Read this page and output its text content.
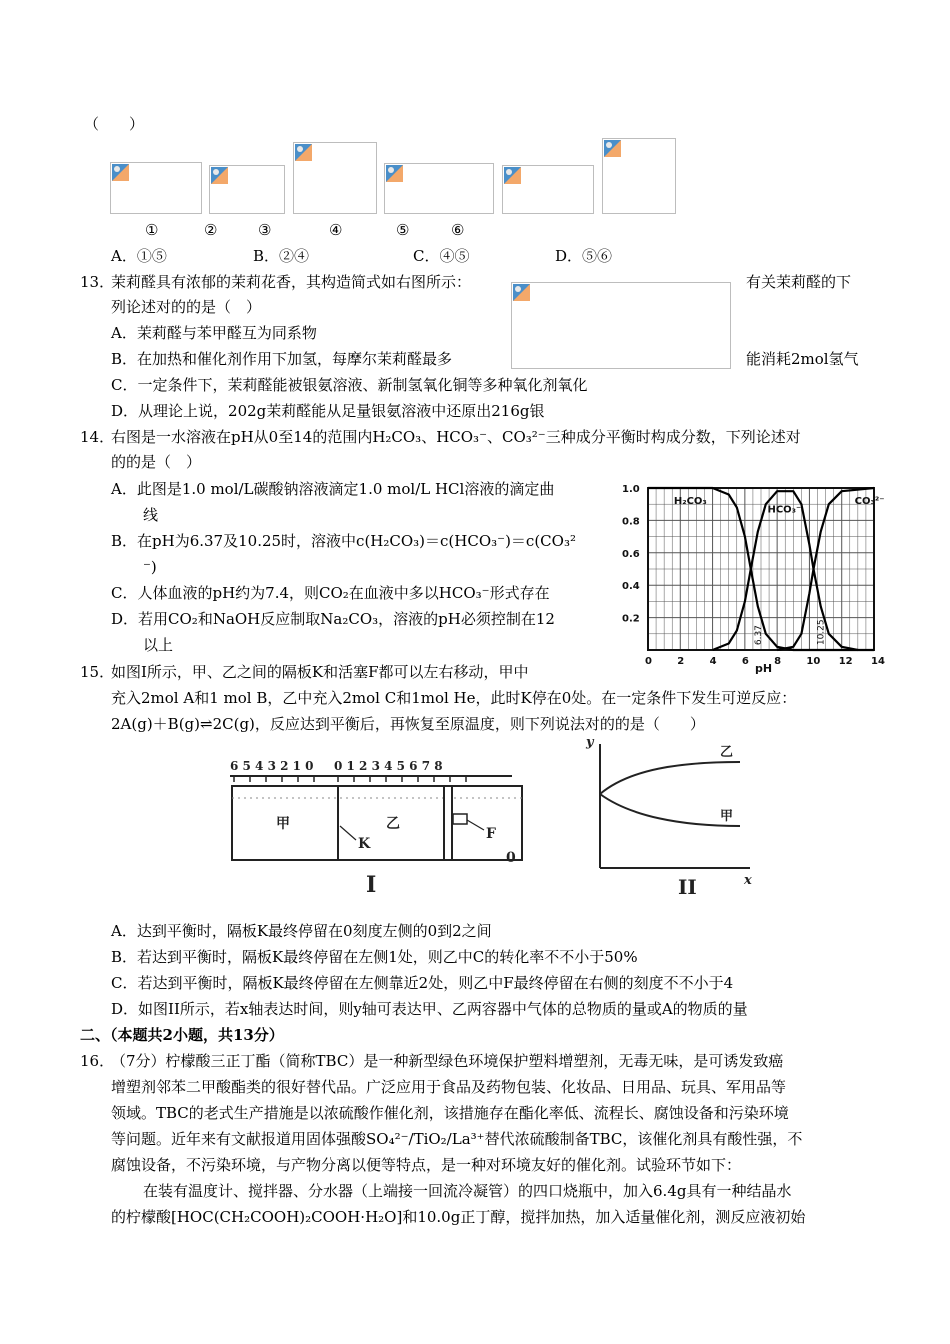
（　　）
①	②	③	④	⑤	⑥
A．①⑤	B．②④	C．④⑤	D．⑤⑥
13．
茉莉醛具有浓郁的茉莉花香，其构造简式如右图所示：	有关茉莉醛的下
列论述对的的是（　）
A．茉莉醛与苯甲醛互为同系物
B．在加热和催化剂作用下加氢，每摩尔茉莉醛最多	能消耗2mol氢气
C．一定条件下，茉莉醛能被银氨溶液、新制氢氧化铜等多种氧化剂氧化
D．从理论上说，202g茉莉醛能从足量银氨溶液中还原出216g银
14．
右图是一水溶液在pH从0至14的范围内H₂CO₃、HCO₃⁻、CO₃²⁻三种成分平衡时构成分数，下列论述对
的的是（　）
A．此图是1.0 mol/L碳酸钠溶液滴定1.0 mol/L HCl溶液的滴定曲
线
B．在pH为6.37及10.25时，溶液中c(H₂CO₃)＝c(HCO₃⁻)＝c(CO₃²
⁻)
C．人体血液的pH约为7.4，则CO₂在血液中多以HCO₃⁻形式存在
D．若用CO₂和NaOH反应制取Na₂CO₃，溶液的pH必须控制在12
以上
1.0
0.8
0.6
0.4
0.2
0	2	4	6	8	10 12 14
pH
H₂CO₃
HCO₃⁻
CO₃²⁻
6.37	10.25
15．
如图I所示，甲、乙之间的隔板K和活塞F都可以左右移动，甲中
充入2mol A和1 mol B，乙中充入2mol C和1mol He，此时K停在0处。在一定条件下发生可逆反应：
2A(g)＋B(g)⇌2C(g)，反应达到平衡后，再恢复至原温度，则下列说法对的的是（　　）
6 5 4 3 2 1 0 0 1 2 3 4 5 6 7 8
甲	乙
K
F
0
I
y
x
乙
甲
II
A．达到平衡时，隔板K最终停留在0刻度左侧的0到2之间
B．若达到平衡时，隔板K最终停留在左侧1处，则乙中C的转化率不不小于50%
C．若达到平衡时，隔板K最终停留在左侧靠近2处，则乙中F最终停留在右侧的刻度不不小于4
D．如图II所示，若x轴表达时间，则y轴可表达甲、乙两容器中气体的总物质的量或A的物质的量
二、（本题共2小题，共13分）
16．
（7分）柠檬酸三正丁酯（简称TBC）是一种新型绿色环境保护塑料增塑剂，无毒无味，是可诱发致癌
增塑剂邻苯二甲酸酯类的很好替代品。广泛应用于食品及药物包装、化妆品、日用品、玩具、军用品等
领域。TBC的老式生产措施是以浓硫酸作催化剂，该措施存在酯化率低、流程长、腐蚀设备和污染环境
等问题。近年来有文献报道用固体强酸SO₄²⁻/TiO₂/La³⁺替代浓硫酸制备TBC，该催化剂具有酸性强，不
腐蚀设备，不污染环境，与产物分离以便等特点，是一种对环境友好的催化剂。试验环节如下：
在装有温度计、搅拌器、分水器（上端接一回流冷凝管）的四口烧瓶中，加入6.4g具有一种结晶水
的柠檬酸[HOC(CH₂COOH)₂COOH·H₂O]和10.0g正丁醇，搅拌加热，加入适量催化剂，测反应液初始
